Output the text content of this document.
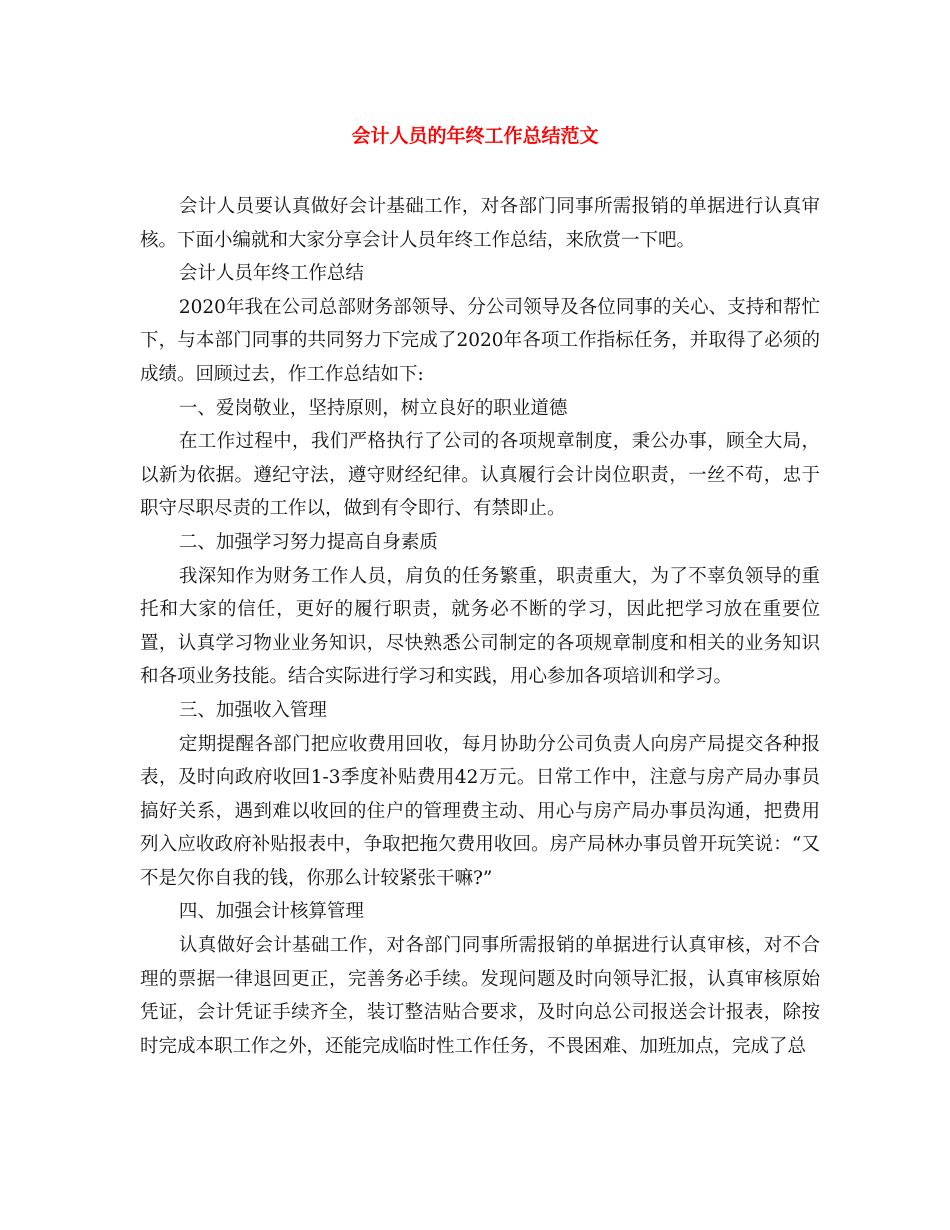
会计人员的年终工作总结范文

会计人员要认真做好会计基础工作，对各部门同事所需报销的单据进行认真审核。下面小编就和大家分享会计人员年终工作总结，来欣赏一下吧。

会计人员年终工作总结

2020年我在公司总部财务部领导、分公司领导及各位同事的关心、支持和帮忙下，与本部门同事的共同努力下完成了2020年各项工作指标任务，并取得了必须的成绩。回顾过去，作工作总结如下:

一、爱岗敬业，坚持原则，树立良好的职业道德

在工作过程中，我们严格执行了公司的各项规章制度，秉公办事，顾全大局，以新为依据。遵纪守法，遵守财经纪律。认真履行会计岗位职责，一丝不苟，忠于职守尽职尽责的工作以，做到有令即行、有禁即止。

二、加强学习努力提高自身素质

我深知作为财务工作人员，肩负的任务繁重，职责重大，为了不辜负领导的重托和大家的信任，更好的履行职责，就务必不断的学习，因此把学习放在重要位置，认真学习物业业务知识，尽快熟悉公司制定的各项规章制度和相关的业务知识和各项业务技能。结合实际进行学习和实践，用心参加各项培训和学习。

三、加强收入管理

定期提醒各部门把应收费用回收，每月协助分公司负责人向房产局提交各种报表，及时向政府收回1-3季度补贴费用42万元。日常工作中，注意与房产局办事员搞好关系，遇到难以收回的住户的管理费主动、用心与房产局办事员沟通，把费用列入应收政府补贴报表中，争取把拖欠费用收回。房产局林办事员曾开玩笑说：“又不是欠你自我的钱，你那么计较紧张干嘛?”

四、加强会计核算管理

认真做好会计基础工作，对各部门同事所需报销的单据进行认真审核，对不合理的票据一律退回更正，完善务必手续。发现问题及时向领导汇报，认真审核原始凭证，会计凭证手续齐全，装订整洁贴合要求，及时向总公司报送会计报表，除按时完成本职工作之外，还能完成临时性工作任务，不畏困难、加班加点，完成了总
